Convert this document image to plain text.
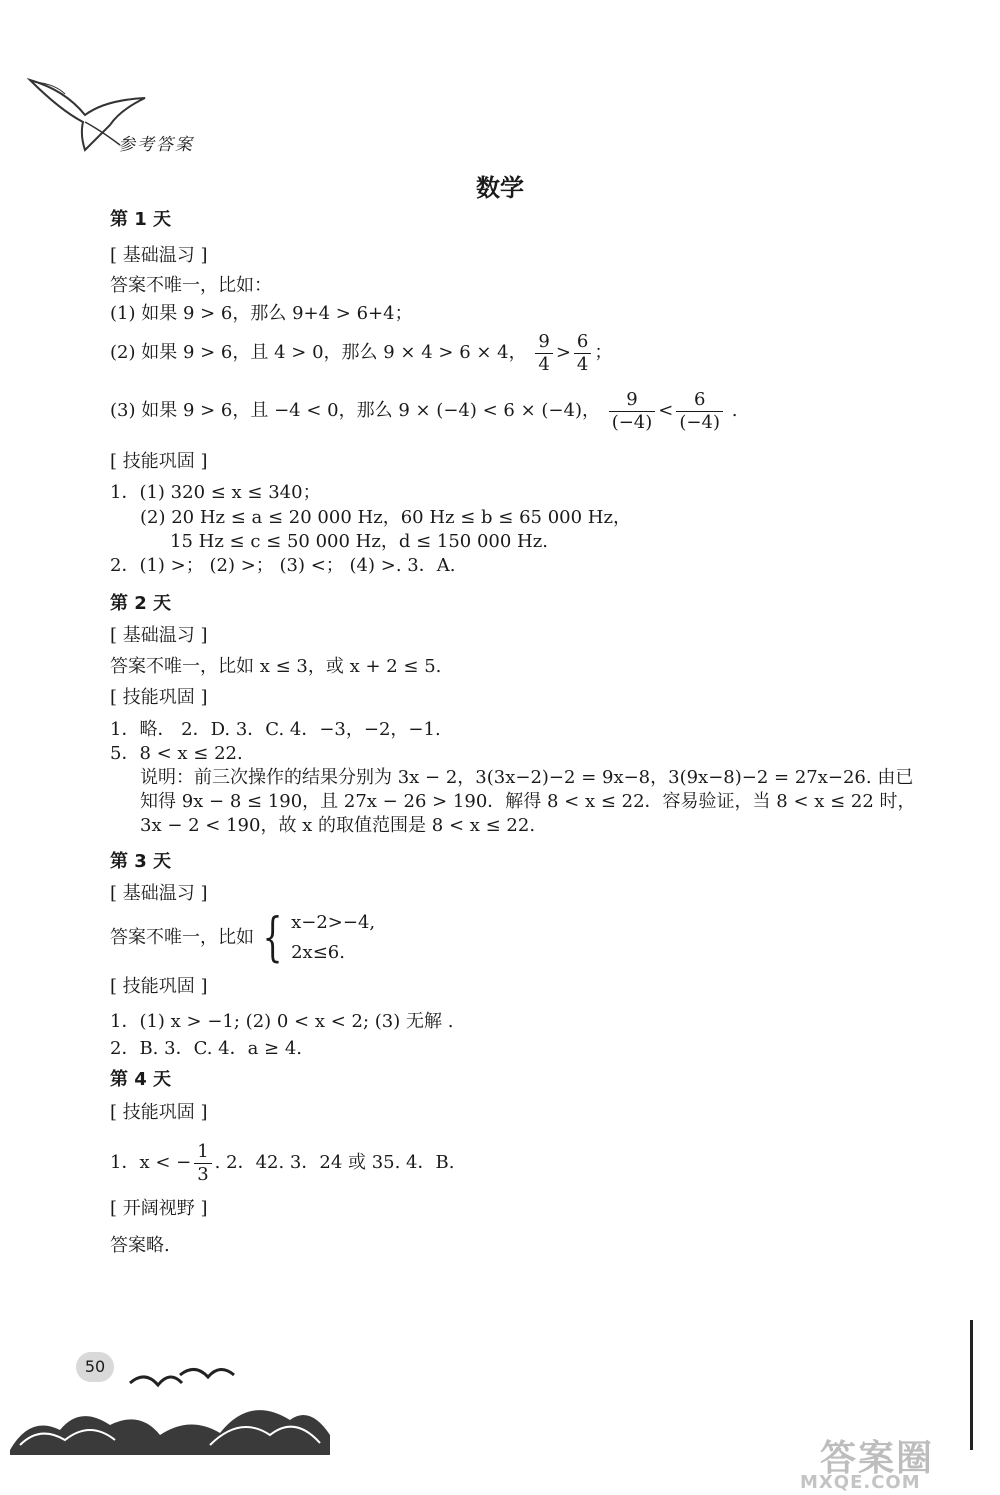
参考答案
数学
第 1 天
[ 基础温习 ]
答案不唯一，比如：
(1) 如果 9 > 6，那么 9+4 > 6+4；
(2) 如果 9 > 6，且 4 > 0，那么 9 × 4 > 6 × 4， $\frac{9}{4} > \frac{6}{4}$ ；
(3) 如果 9 > 6，且 −4 < 0，那么 9 × (−4) < 6 × (−4)， $\frac{9}{(-4)} < \frac{6}{(-4)}$ .
[ 技能巩固 ]
1．(1) 320 ≤ x ≤ 340；
(2) 20 Hz ≤ a ≤ 20 000 Hz，60 Hz ≤ b ≤ 65 000 Hz，
15 Hz ≤ c ≤ 50 000 Hz，d ≤ 150 000 Hz.
2．(1) >； (2) >； (3) <； (4) >. 3．A.
第 2 天
[ 基础温习 ]
答案不唯一，比如 x ≤ 3，或 x + 2 ≤ 5.
[ 技能巩固 ]
1．略． 2．D. 3．C. 4．−3，−2，−1.
5．8 < x ≤ 22.
说明：前三次操作的结果分别为 3x − 2，3(3x−2)−2 = 9x−8，3(9x−8)−2 = 27x−26. 由已
知得 9x − 8 ≤ 190，且 27x − 26 > 190．解得 8 < x ≤ 22．容易验证，当 8 < x ≤ 22 时，
3x − 2 < 190，故 x 的取值范围是 8 < x ≤ 22.
第 3 天
[ 基础温习 ]
答案不唯一，比如 { x−2>−4,
2x≤6.
[ 技能巩固 ]
1．(1) x > −1; (2) 0 < x < 2; (3) 无解 .
2．B. 3．C. 4．a ≥ 4.
第 4 天
[ 技能巩固 ]
1．x < − $\frac{1}{3}$ . 2．42. 3．24 或 35. 4．B.
[ 开阔视野 ]
答案略.
50
答案圈
MXQE.COM
